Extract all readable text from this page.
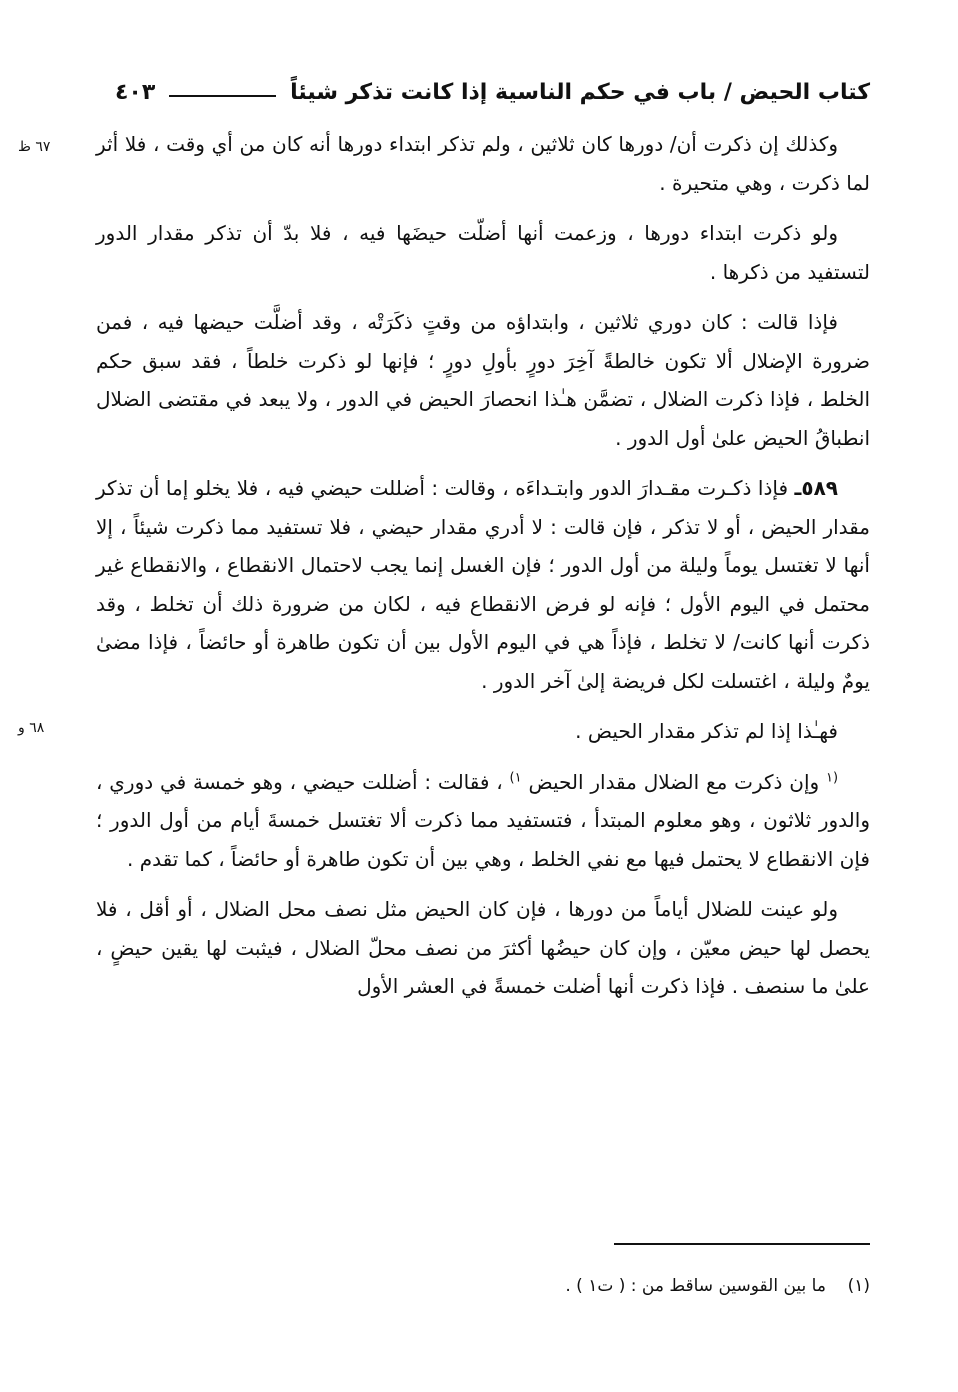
كتاب الحيض / باب في حكم الناسية إذا كانت تذكر شيئاً
٤٠٣
٦٧ ظ
٦٨ و

وكذلك إن ذكرت أن/ دورها كان ثلاثين ، ولم تذكر ابتداء دورها أنه كان من أي وقت ، فلا أثر لما ذكرت ، وهي متحيرة .

ولو ذكرت ابتداء دورها ، وزعمت أنها أضلّت حيضَها فيه ، فلا بدّ أن تذكر مقدار الدور لتستفيد من ذكرها .

فإذا قالت : كان دوري ثلاثين ، وابتداؤه من وقتٍ ذكَرَتْه ، وقد أضلَّت حيضها فيه ، فمن ضرورة الإضلال ألا تكون خالطةً آخِرَ دورٍ بأولِ دورٍ ؛ فإنها لو ذكرت خلطاً ، فقد سبق حكم الخلط ، فإذا ذكرت الضلال ، تضمَّن هـٰذا انحصارَ الحيض في الدور ، ولا يبعد في مقتضى الضلال انطباقُ الحيض علىٰ أول الدور .

٥٨٩ـ فإذا ذكـرت مقـدارَ الدور وابتـداءَه ، وقالت : أضللت حيضي فيه ، فلا يخلو إما أن تذكر مقدار الحيض ، أو لا تذكر ، فإن قالت : لا أدري مقدار حيضي ، فلا تستفيد مما ذكرت شيئاً ، إلا أنها لا تغتسل يوماً وليلة من أول الدور ؛ فإن الغسل إنما يجب لاحتمال الانقطاع ، والانقطاع غير محتمل في اليوم الأول ؛ فإنه لو فرض الانقطاع فيه ، لكان من ضرورة ذلك أن تخلط ، وقد ذكرت أنها كانت/ لا تخلط ، فإذاً هي في اليوم الأول بين أن تكون طاهرة أو حائضاً ، فإذا مضىٰ يومٌ وليلة ، اغتسلت لكل فريضة إلىٰ آخر الدور .

فهـٰذا إذا لم تذكر مقدار الحيض .

$^{(١}$ وإن ذكرت مع الضلال مقدار الحيض $^{١)}$ ، فقالت : أضللت حيضي ، وهو خمسة في دوري ، والدور ثلاثون ، وهو معلوم المبتدأ ، فتستفيد مما ذكرت ألا تغتسل خمسةَ أيام من أول الدور ؛ فإن الانقطاع لا يحتمل فيها مع نفي الخلط ، وهي بين أن تكون طاهرة أو حائضاً ، كما تقدم .

ولو عينت للضلال أياماً من دورها ، فإن كان الحيض مثل نصف محل الضلال ، أو أقل ، فلا يحصل لها حيض معيّن ، وإن كان حيضُها أكثرَ من نصف محلّ الضلال ، فيثبت لها يقين حيضٍ ، علىٰ ما سنصف . فإذا ذكرت أنها أضلت خمسةً في العشر الأول

(١)    ما بين القوسين ساقط من : ( ت١ ) .
